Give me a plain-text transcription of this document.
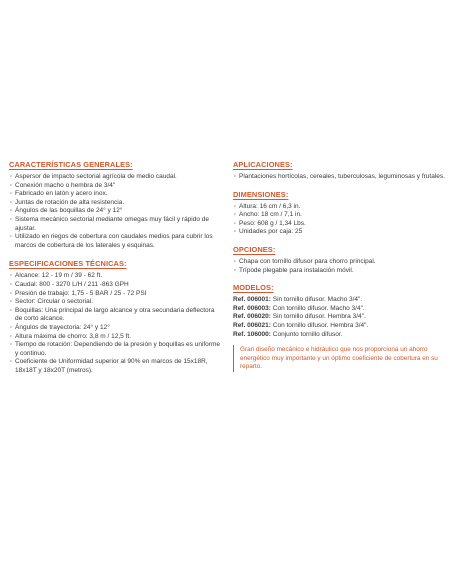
CARACTERÍSTICAS GENERALES:
· Aspersor de impacto sectorial agrícola de medio caudal.
· Conexión macho o hembra de 3/4"
· Fabricado en latón y acero inox.
· Juntas de rotación de alta resistencia.
· Ángulos de las boquillas de 24° y 12°
· Sistema mecánico sectorial mediante omegas muy fácil y rápido de ajustar.
· Utilizado en riegos de cobertura con caudales medios para cubrir los marcos de cobertura de los laterales y esquinas.
ESPECIFICACIONES TÉCNICAS:
· Alcance: 12 - 19 m / 39 - 62 ft.
· Caudal: 800 - 3270 L/H / 211 -863 GPH
· Presión de trabajo: 1,75 - 5 BAR / 25 - 72 PSI
· Sector: Circular o sectorial.
· Boquillas: Una principal de largo alcance y otra secundaria deflectora de corto alcance.
· Ángulos de trayectoria: 24° y 12°
· Altura máxima de chorro: 3,8 m / 12,5 ft.
· Tiempo de rotación: Dependiendo de la presión y boquillas es uniforme y continuo.
· Coeficiente de Uniformidad superior al 90% en marcos de 15x18R, 18x18T y 18x20T (metros).
APLICACIONES:
· Plantaciones hortícolas, cereales, tuberculosas, leguminosas y frutales.
DIMENSIONES:
· Altura: 16 cm / 6,3 in.
· Ancho: 18 cm / 7,1 in.
· Peso: 608 g / 1,34 Lbs.
· Unidades por caja: 25
OPCIONES:
· Chapa con tornillo difusor para chorro principal.
· Trípode plegable para instalación móvil.
MODELOS:
Ref. 006001: Sin tornillo difusor. Macho 3/4".
Ref. 006003: Con tornillo difusor. Macho 3/4".
Ref. 006020: Sin tornillo difusor. Hembra 3/4".
Ref. 006021: Con tornillo difusor. Hembra 3/4".
Ref. 106000: Conjunto tornillo difusor.
Gran diseño mecánico e hidráulico que nos proporciona un ahorro energético muy importante y un óptimo coeficiente de cobertura en su reparto.
